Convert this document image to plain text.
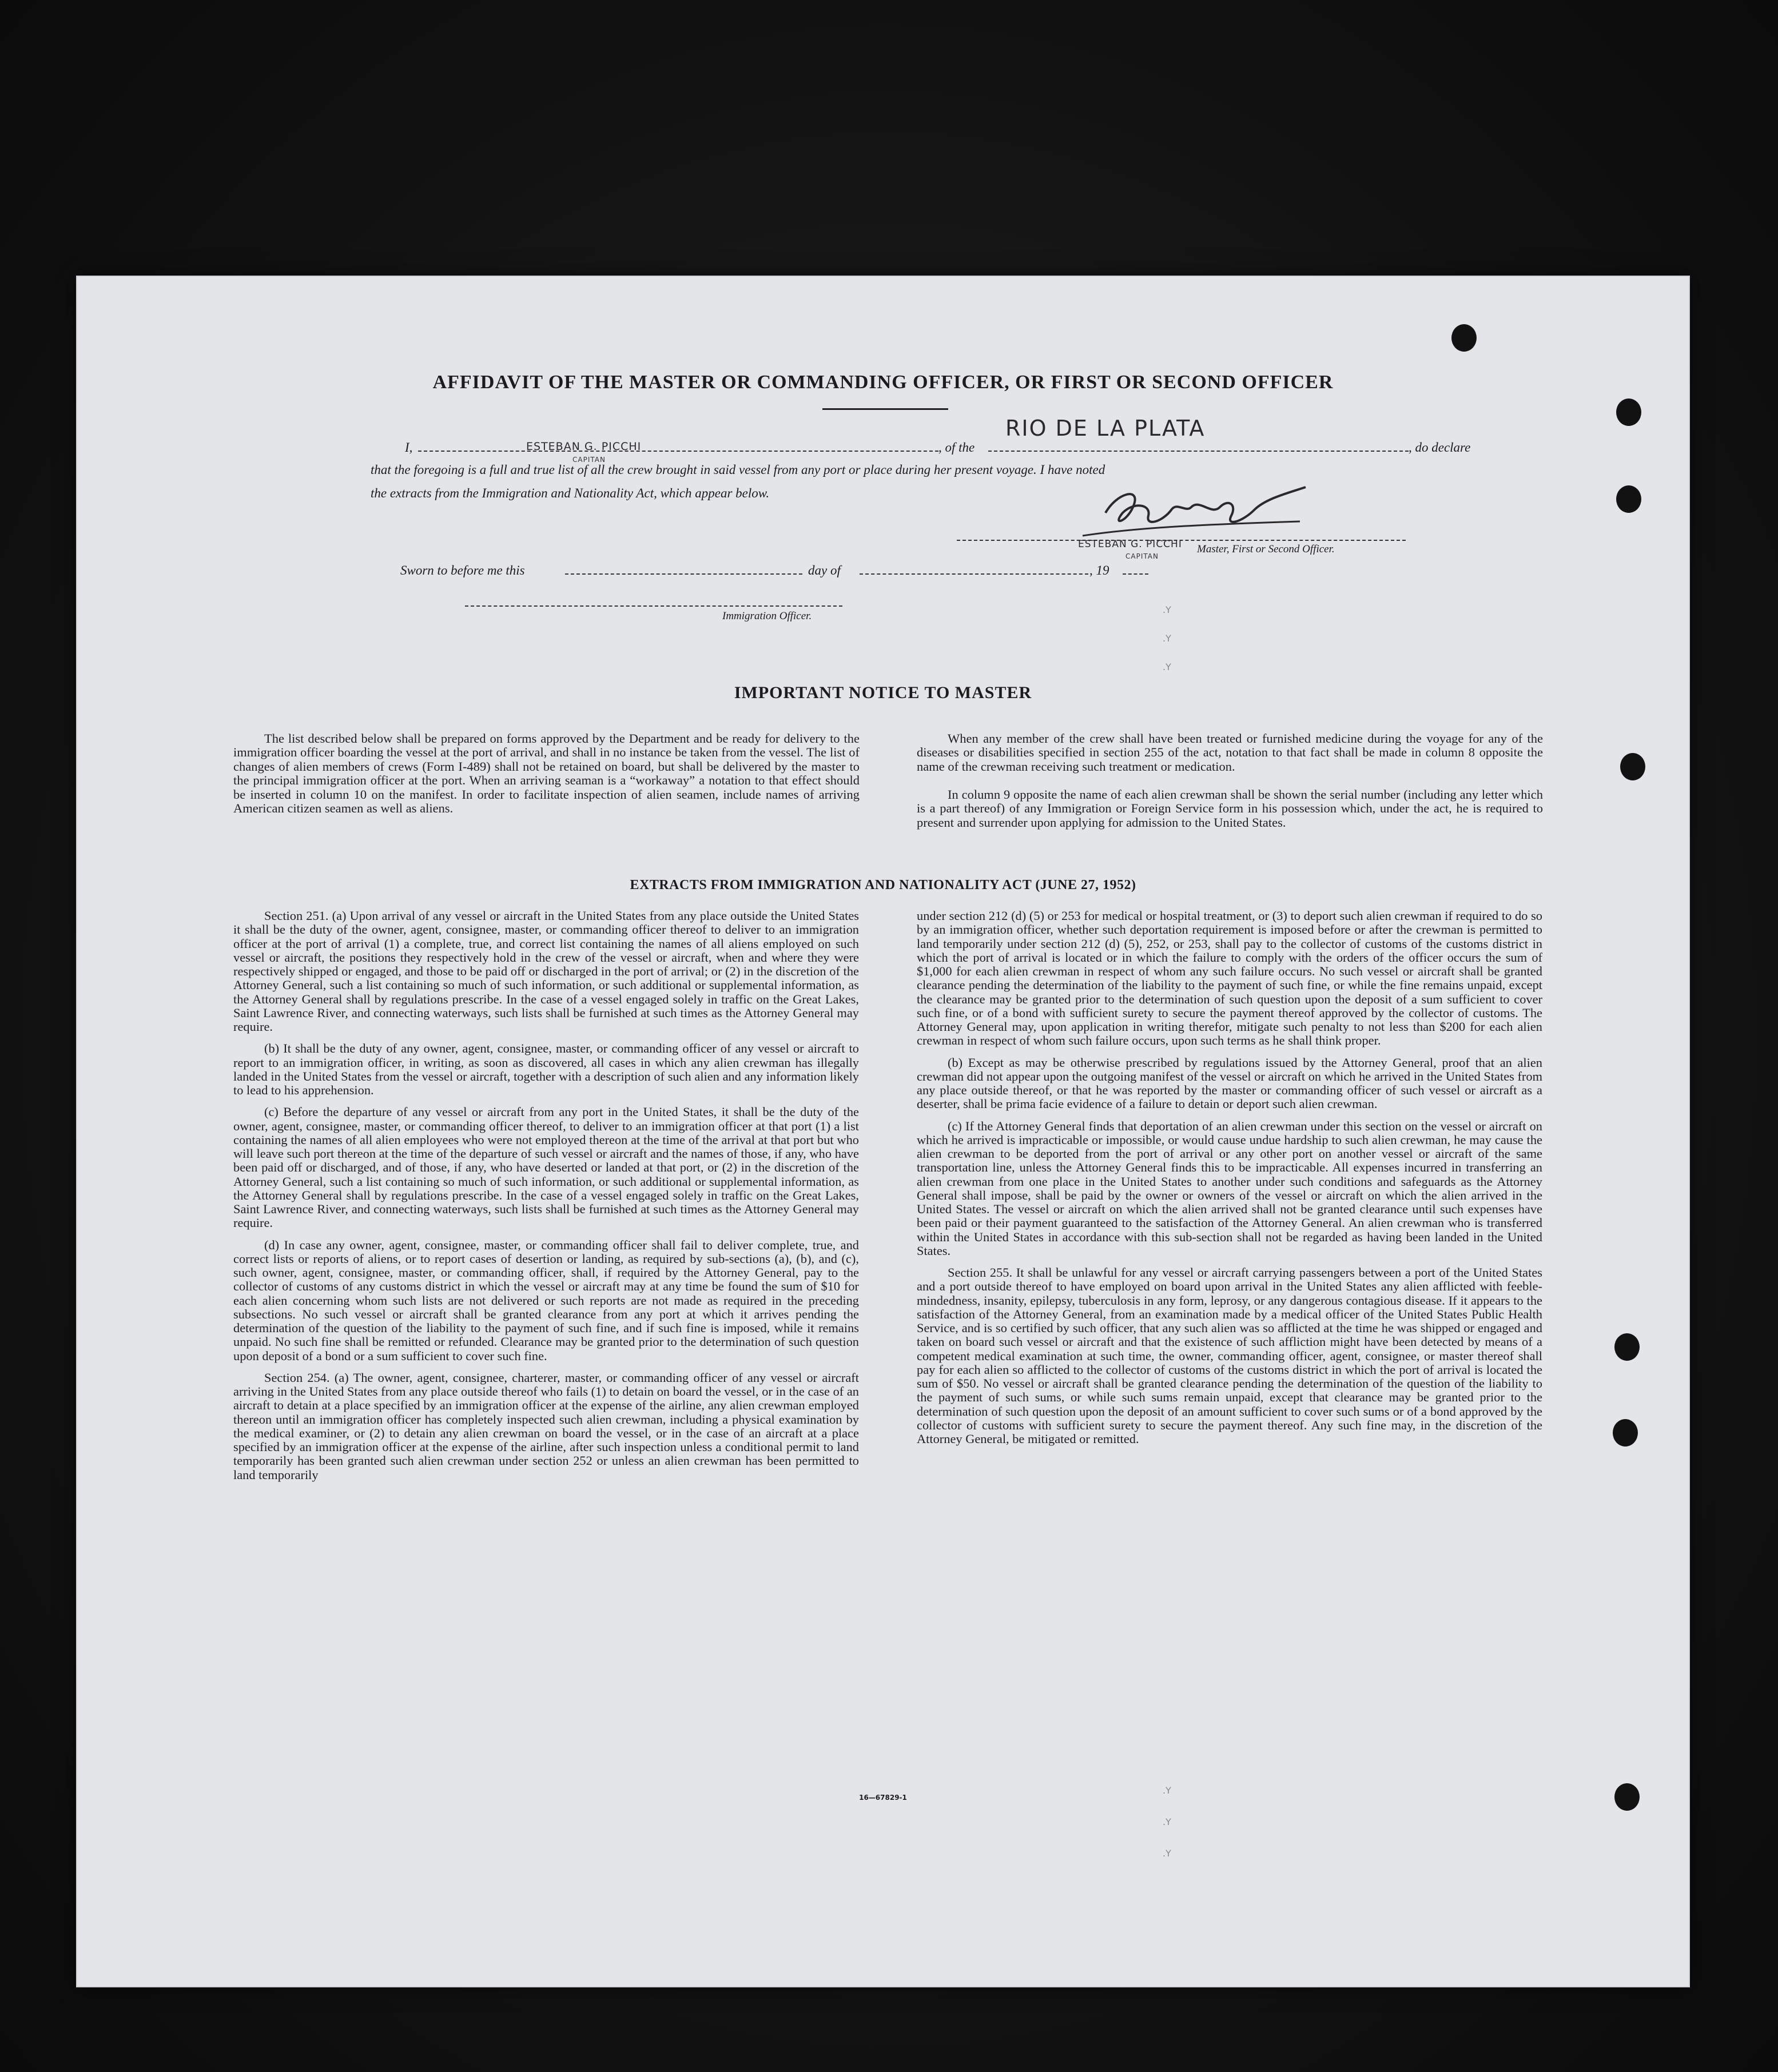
AFFIDAVIT OF THE MASTER OR COMMANDING OFFICER, OR FIRST OR SECOND OFFICER
I,	ESTEBAN G. PICCHI
CAPITAN
, of the
RIO DE LA PLATA
, do declare
that the foregoing is a full and true list of all the crew brought in said vessel from any port or place during her present voyage. I have noted
the extracts from the Immigration and Nationality Act, which appear below.
ESTEBAN G. PICCHI
CAPITAN
Master, First or Second Officer.
Sworn to before me this	day of	, 19
Immigration Officer.
IMPORTANT NOTICE TO MASTER

The list described below shall be prepared on forms approved by the Department and be ready for delivery to the immigration officer boarding the vessel at the port of arrival, and shall in no instance be taken from the vessel. The list of changes of alien members of crews (Form I-489) shall not be retained on board, but shall be delivered by the master to the principal immigration officer at the port. When an arriving seaman is a “workaway” a notation to that effect should be inserted in column 10 on the manifest. In order to facilitate inspection of alien seamen, include names of arriving American citizen seamen as well as aliens.

When any member of the crew shall have been treated or furnished medicine during the voyage for any of the diseases or disabilities specified in section 255 of the act, notation to that fact shall be made in column 8 opposite the name of the crewman receiving such treatment or medication.

In column 9 opposite the name of each alien crewman shall be shown the serial number (including any letter which is a part thereof) of any Immigration or Foreign Service form in his possession which, under the act, he is required to present and surrender upon applying for admission to the United States.

EXTRACTS FROM IMMIGRATION AND NATIONALITY ACT (JUNE 27, 1952)

Section 251. (a) Upon arrival of any vessel or aircraft in the United States from any place outside the United States it shall be the duty of the owner, agent, consignee, master, or commanding officer thereof to deliver to an immigration officer at the port of arrival (1) a complete, true, and correct list containing the names of all aliens employed on such vessel or aircraft, the positions they respectively hold in the crew of the vessel or aircraft, when and where they were respectively shipped or engaged, and those to be paid off or discharged in the port of arrival; or (2) in the discretion of the Attorney General, such a list containing so much of such information, or such additional or supplemental information, as the Attorney General shall by regulations prescribe. In the case of a vessel engaged solely in traffic on the Great Lakes, Saint Lawrence River, and connecting waterways, such lists shall be furnished at such times as the Attorney General may require.

(b) It shall be the duty of any owner, agent, consignee, master, or commanding officer of any vessel or aircraft to report to an immigration officer, in writing, as soon as discovered, all cases in which any alien crewman has illegally landed in the United States from the vessel or aircraft, together with a description of such alien and any information likely to lead to his apprehension.

(c) Before the departure of any vessel or aircraft from any port in the United States, it shall be the duty of the owner, agent, consignee, master, or commanding officer thereof, to deliver to an immigration officer at that port (1) a list containing the names of all alien employees who were not employed thereon at the time of the arrival at that port but who will leave such port thereon at the time of the departure of such vessel or aircraft and the names of those, if any, who have been paid off or discharged, and of those, if any, who have deserted or landed at that port, or (2) in the discretion of the Attorney General, such a list containing so much of such information, or such additional or supplemental information, as the Attorney General shall by regulations prescribe. In the case of a vessel engaged solely in traffic on the Great Lakes, Saint Lawrence River, and connecting waterways, such lists shall be furnished at such times as the Attorney General may require.

(d) In case any owner, agent, consignee, master, or commanding officer shall fail to deliver complete, true, and correct lists or reports of aliens, or to report cases of desertion or landing, as required by sub-sections (a), (b), and (c), such owner, agent, consignee, master, or commanding officer, shall, if required by the Attorney General, pay to the collector of customs of any customs district in which the vessel or aircraft may at any time be found the sum of $10 for each alien concerning whom such lists are not delivered or such reports are not made as required in the preceding subsections. No such vessel or aircraft shall be granted clearance from any port at which it arrives pending the determination of the question of the liability to the payment of such fine, and if such fine is imposed, while it remains unpaid. No such fine shall be remitted or refunded. Clearance may be granted prior to the determination of such question upon deposit of a bond or a sum sufficient to cover such fine.

Section 254. (a) The owner, agent, consignee, charterer, master, or commanding officer of any vessel or aircraft arriving in the United States from any place outside thereof who fails (1) to detain on board the vessel, or in the case of an aircraft to detain at a place specified by an immigration officer at the expense of the airline, any alien crewman employed thereon until an immigration officer has completely inspected such alien crewman, including a physical examination by the medical examiner, or (2) to detain any alien crewman on board the vessel, or in the case of an aircraft at a place specified by an immigration officer at the expense of the airline, after such inspection unless a conditional permit to land temporarily has been granted such alien crewman under section 252 or unless an alien crewman has been permitted to land temporarily

under section 212 (d) (5) or 253 for medical or hospital treatment, or (3) to deport such alien crewman if required to do so by an immigration officer, whether such deportation requirement is imposed before or after the crewman is permitted to land temporarily under section 212 (d) (5), 252, or 253, shall pay to the collector of customs of the customs district in which the port of arrival is located or in which the failure to comply with the orders of the officer occurs the sum of $1,000 for each alien crewman in respect of whom any such failure occurs. No such vessel or aircraft shall be granted clearance pending the determination of the liability to the payment of such fine, or while the fine remains unpaid, except the clearance may be granted prior to the determination of such question upon the deposit of a sum sufficient to cover such fine, or of a bond with sufficient surety to secure the payment thereof approved by the collector of customs. The Attorney General may, upon application in writing therefor, mitigate such penalty to not less than $200 for each alien crewman in respect of whom such failure occurs, upon such terms as he shall think proper.

(b) Except as may be otherwise prescribed by regulations issued by the Attorney General, proof that an alien crewman did not appear upon the outgoing manifest of the vessel or aircraft on which he arrived in the United States from any place outside thereof, or that he was reported by the master or commanding officer of such vessel or aircraft as a deserter, shall be prima facie evidence of a failure to detain or deport such alien crewman.

(c) If the Attorney General finds that deportation of an alien crewman under this section on the vessel or aircraft on which he arrived is impracticable or impossible, or would cause undue hardship to such alien crewman, he may cause the alien crewman to be deported from the port of arrival or any other port on another vessel or aircraft of the same transportation line, unless the Attorney General finds this to be impracticable. All expenses incurred in transferring an alien crewman from one place in the United States to another under such conditions and safeguards as the Attorney General shall impose, shall be paid by the owner or owners of the vessel or aircraft on which the alien arrived in the United States. The vessel or aircraft on which the alien arrived shall not be granted clearance until such expenses have been paid or their payment guaranteed to the satisfaction of the Attorney General. An alien crewman who is transferred within the United States in accordance with this sub-section shall not be regarded as having been landed in the United States.

Section 255. It shall be unlawful for any vessel or aircraft carrying passengers between a port of the United States and a port outside thereof to have employed on board upon arrival in the United States any alien afflicted with feeble-mindedness, insanity, epilepsy, tuberculosis in any form, leprosy, or any dangerous contagious disease. If it appears to the satisfaction of the Attorney General, from an examination made by a medical officer of the United States Public Health Service, and is so certified by such officer, that any such alien was so afflicted at the time he was shipped or engaged and taken on board such vessel or aircraft and that the existence of such affliction might have been detected by means of a competent medical examination at such time, the owner, commanding officer, agent, consignee, or master thereof shall pay for each alien so afflicted to the collector of customs of the customs district in which the port of arrival is located the sum of $50. No vessel or aircraft shall be granted clearance pending the determination of the question of the liability to the payment of such sums, or while such sums remain unpaid, except that clearance may be granted prior to the determination of such question upon the deposit of an amount sufficient to cover such sums or of a bond approved by the collector of customs with sufficient surety to secure the payment thereof. Any such fine may, in the discretion of the Attorney General, be mitigated or remitted.

16—67829-1
.Y
.Y
.Y
.Y
.Y
.Y
